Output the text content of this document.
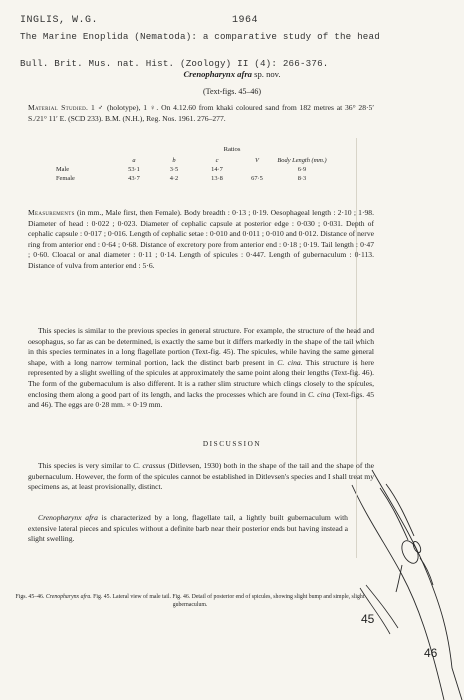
INGLIS, W.G.	1964
The Marine Enoplida (Nematoda): a comparative study of the head
Bull. Brit. Mus. nat. Hist. (Zoology) II (4): 266-376.
Crenopharynx afra sp. nov.
(Text-figs. 45–46)
Material Studied. 1 ♂ (holotype), 1 ♀. On 4.12.60 from khaki coloured sand from 182 metres at 36° 28·5′ S./21° 11′ E. (SCD 233). B.M. (N.H.), Reg. Nos. 1961. 276–277.
Ratios
	a	b	c	V	Body Length (mm.)
Male	53·1	3·5	14·7		6·9
Female	43·7	4·2	13·8	67·5	8·3
Measurements (in mm., Male first, then Female). Body breadth : 0·13 ; 0·19. Oesophageal length : 2·10 ; 1·98. Diameter of head : 0·022 ; 0·023. Diameter of cephalic capsule at posterior edge : 0·030 ; 0·031. Depth of cephalic capsule : 0·017 ; 0·016. Length of cephalic setae : 0·010 and 0·011 ; 0·010 and 0·012. Distance of nerve ring from anterior end : 0·64 ; 0·68. Distance of excretory pore from anterior end : 0·18 ; 0·19. Tail length : 0·47 ; 0·60. Cloacal or anal diameter : 0·11 ; 0·14. Length of spicules : 0·447. Length of gubernaculum : 0·113. Distance of vulva from anterior end : 5·6.
This species is similar to the previous species in general structure. For example, the structure of the head and oesophagus, so far as can be determined, is exactly the same but it differs markedly in the shape of the tail which in this species terminates in a long flagellate portion (Text-fig. 45). The spicules, while having the same general shape, with a long narrow terminal portion, lack the distinct barb present in C. cina. This structure is here represented by a slight swelling of the spicules at approximately the same point along their lengths (Text-fig. 46). The form of the gubernaculum is also different. It is a rather slim structure which clings closely to the spicules, enclosing them along a good part of its length, and lacks the processes which are found in C. cina (Text-figs. 45 and 46). The eggs are 0·28 mm. × 0·19 mm.
DISCUSSION
This species is very similar to C. crassus (Ditlevsen, 1930) both in the shape of the tail and the shape of the gubernaculum. However, the form of the spicules cannot be established in Ditlevsen's species and I shall treat my specimens as, at least provisionally, distinct.
Crenopharynx afra is characterized by a long, flagellate tail, a lightly built gubernaculum with extensive lateral pieces and spicules without a definite barb near their posterior ends but having instead a slight swelling.
Figs. 45–46. Crenopharynx afra. Fig. 45. Lateral view of male tail. Fig. 46. Detail of posterior end of spicules, showing slight bump and simple, slight gubernaculum.
45
46
